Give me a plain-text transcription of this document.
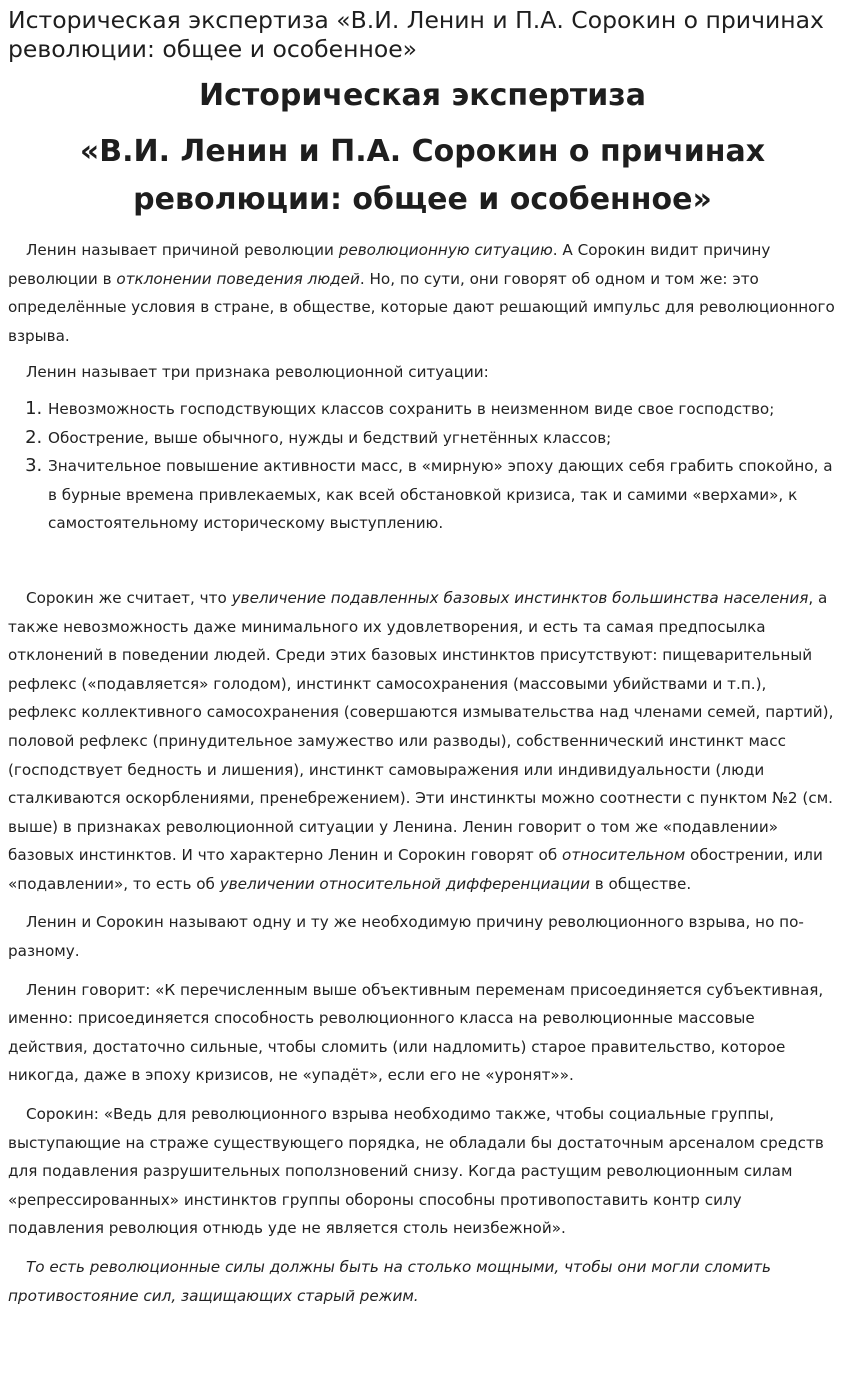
Историческая экспертиза «В.И. Ленин и П.А. Сорокин о причинах революции: общее и особенное»
Историческая экспертиза
«В.И. Ленин и П.А. Сорокин о причинах революции: общее и особенное»

Ленин называет причиной революции революционную ситуацию. А Сорокин видит причину революции в отклонении поведения людей. Но, по сути, они говорят об одном и том же: это определённые условия в стране, в обществе, которые дают решающий импульс для революционного взрыва.

Ленин называет три признака революционной ситуации:

1. Невозможность господствующих классов сохранить в неизменном виде свое господство;
2. Обострение, выше обычного, нужды и бедствий угнетённых классов;
3. Значительное повышение активности масс, в «мирную» эпоху дающих себя грабить спокойно, а в бурные времена привлекаемых, как всей обстановкой кризиса, так и самими «верхами», к самостоятельному историческому выступлению.

Сорокин же считает, что увеличение подавленных базовых инстинктов большинства населения, а также невозможность даже минимального их удовлетворения, и есть та самая предпосылка отклонений в поведении людей. Среди этих базовых инстинктов присутствуют: пищеварительный рефлекс («подавляется» голодом), инстинкт самосохранения (массовыми убийствами и т.п.), рефлекс коллективного самосохранения (совершаются измывательства над членами семей, партий), половой рефлекс (принудительное замужество или разводы), собственнический инстинкт масс (господствует бедность и лишения), инстинкт самовыражения или индивидуальности (люди сталкиваются оскорблениями, пренебрежением). Эти инстинкты можно соотнести с пунктом №2 (см. выше) в признаках революционной ситуации у Ленина. Ленин говорит о том же «подавлении» базовых инстинктов. И что характерно Ленин и Сорокин говорят об относительном обострении, или «подавлении», то есть об увеличении относительной дифференциации в обществе.

Ленин и Сорокин называют одну и ту же необходимую причину революционного взрыва, но по-разному.

Ленин говорит: «К перечисленным выше объективным переменам присоединяется субъективная, именно: присоединяется способность революционного класса на революционные массовые действия, достаточно сильные, чтобы сломить (или надломить) старое правительство, которое никогда, даже в эпоху кризисов, не «упадёт», если его не «уронят»».

Сорокин: «Ведь для революционного взрыва необходимо также, чтобы социальные группы, выступающие на страже существующего порядка, не обладали бы достаточным арсеналом средств для подавления разрушительных поползновений снизу. Когда растущим революционным силам «репрессированных» инстинктов группы обороны способны противопоставить контр силу подавления революция отнюдь уде не является столь неизбежной».

То есть революционные силы должны быть на столько мощными, чтобы они могли сломить противостояние сил, защищающих старый режим.
